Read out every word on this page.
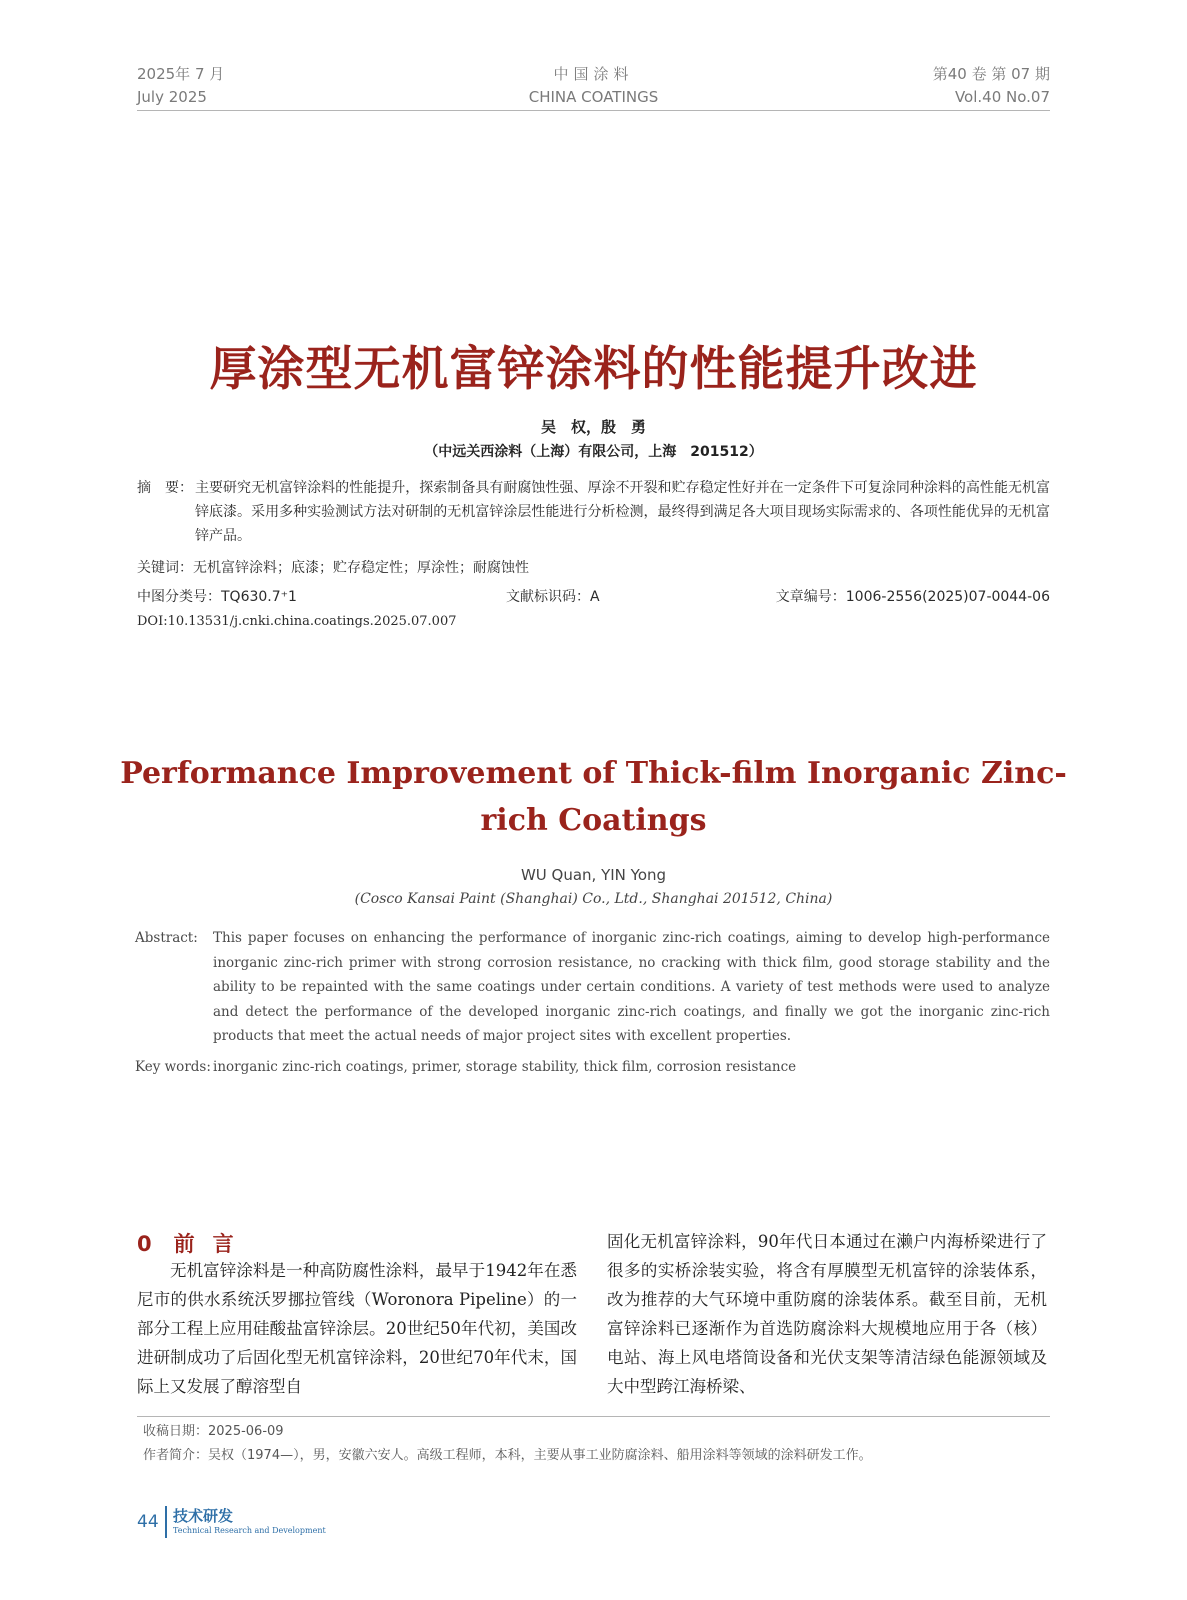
2025年 7 月
July 2025
中国涂料
CHINA COATINGS
第40 卷 第 07 期
Vol.40 No.07
厚涂型无机富锌涂料的性能提升改进
吴　权，殷　勇
（中远关西涂料（上海）有限公司，上海　201512）
摘　要： 主要研究无机富锌涂料的性能提升，探索制备具有耐腐蚀性强、厚涂不开裂和贮存稳定性好并在一定条件下可复涂同种涂料的高性能无机富锌底漆。采用多种实验测试方法对研制的无机富锌涂层性能进行分析检测，最终得到满足各大项目现场实际需求的、各项性能优异的无机富锌产品。
关键词：无机富锌涂料；底漆；贮存稳定性；厚涂性；耐腐蚀性
中图分类号：TQ630.7⁺1	文献标识码：A	文章编号：1006-2556(2025)07-0044-06
DOI:10.13531/j.cnki.china.coatings.2025.07.007
Performance Improvement of Thick-film Inorganic Zinc-rich Coatings
WU Quan, YIN Yong
(Cosco Kansai Paint (Shanghai) Co., Ltd., Shanghai 201512, China)
Abstract:	This paper focuses on enhancing the performance of inorganic zinc-rich coatings, aiming to develop high-performance inorganic zinc-rich primer with strong corrosion resistance, no cracking with thick film, good storage stability and the ability to be repainted with the same coatings under certain conditions. A variety of test methods were used to analyze and detect the performance of the developed inorganic zinc-rich coatings, and finally we got the inorganic zinc-rich products that meet the actual needs of major project sites with excellent properties.
Key words: inorganic zinc-rich coatings, primer, storage stability, thick film, corrosion resistance
0 前言
无机富锌涂料是一种高防腐性涂料，最早于1942年在悉尼市的供水系统沃罗挪拉管线（Woronora Pipeline）的一部分工程上应用硅酸盐富锌涂层。20世纪50年代初，美国改进研制成功了后固化型无机富锌涂料，20世纪70年代末，国际上又发展了醇溶型自
固化无机富锌涂料，90年代日本通过在濑户内海桥梁进行了很多的实桥涂装实验，将含有厚膜型无机富锌的涂装体系，改为推荐的大气环境中重防腐的涂装体系。截至目前，无机富锌涂料已逐渐作为首选防腐涂料大规模地应用于各（核）电站、海上风电塔筒设备和光伏支架等清洁绿色能源领域及大中型跨江海桥梁、
收稿日期：2025-06-09
作者简介：吴权（1974—），男，安徽六安人。高级工程师，本科，主要从事工业防腐涂料、船用涂料等领域的涂料研发工作。
44 技术研发
Technical Research and Development
